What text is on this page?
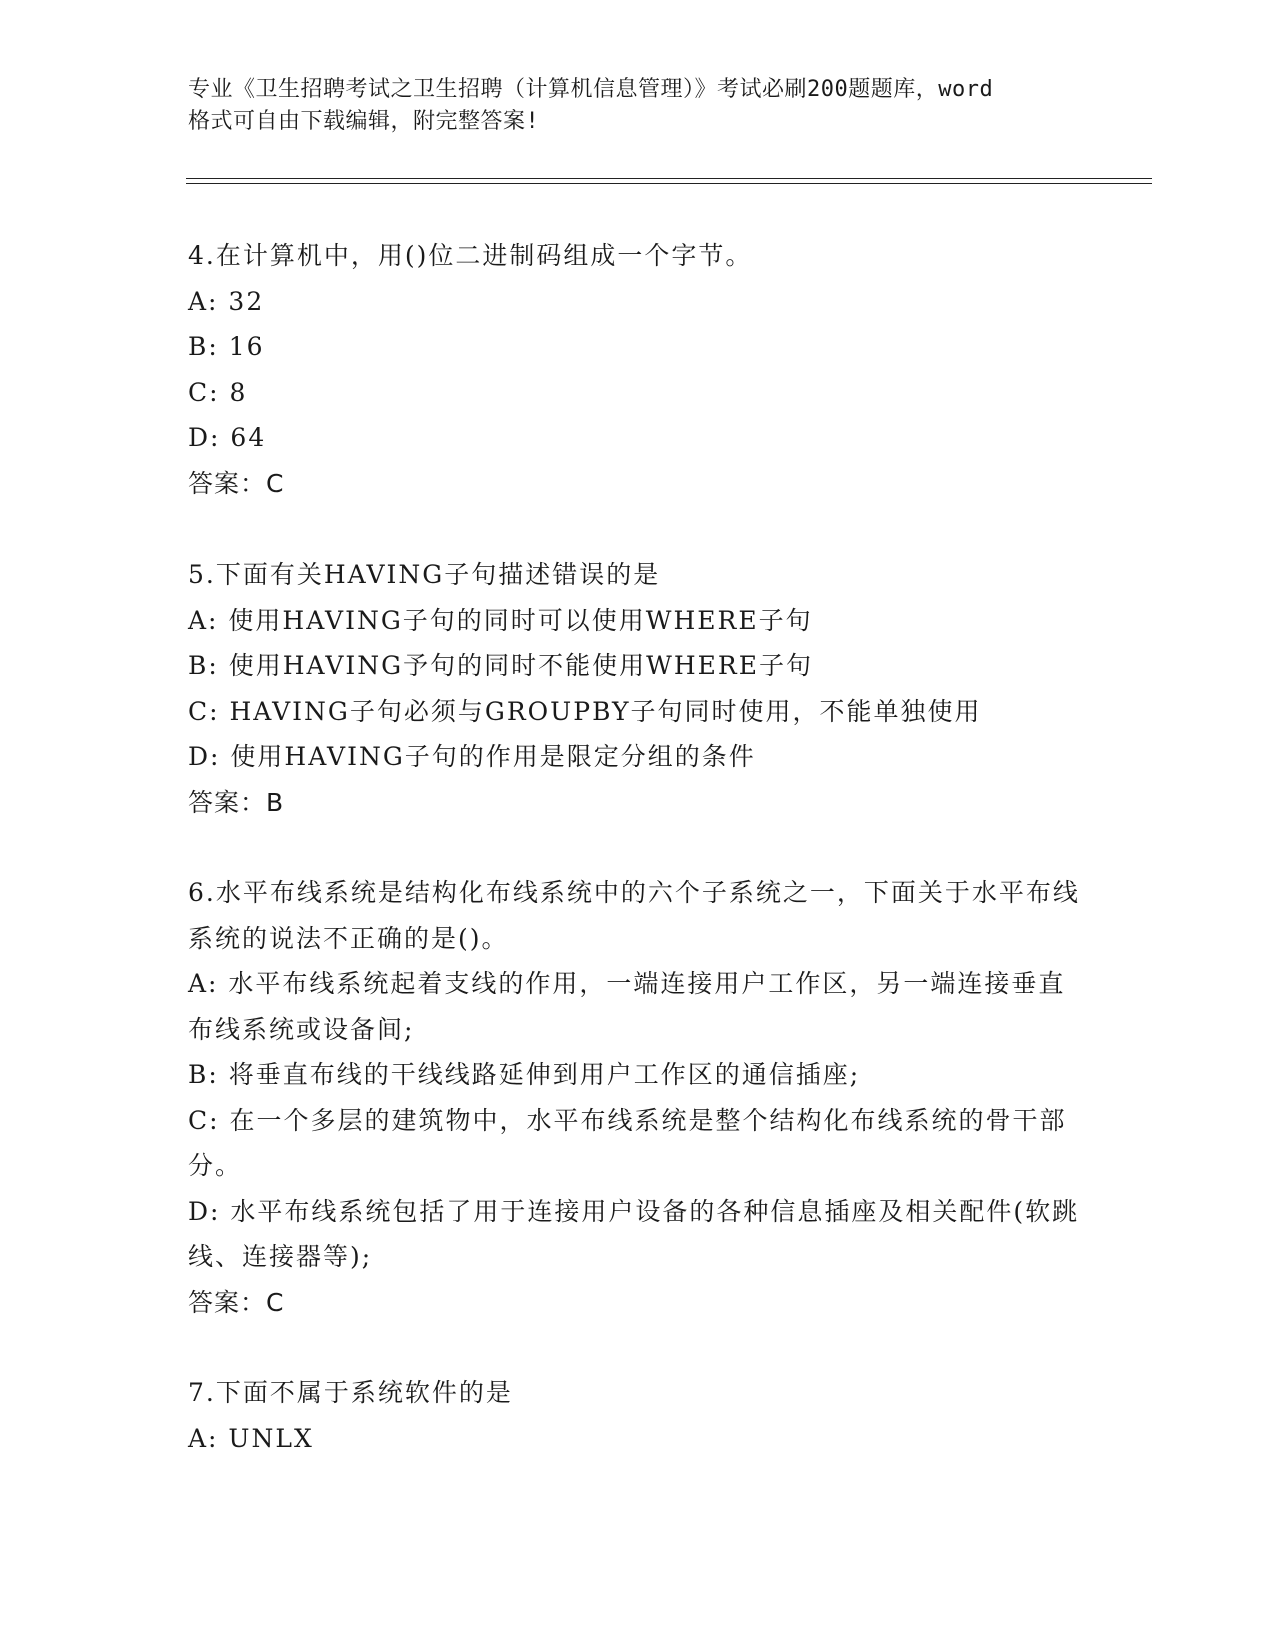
专业《卫生招聘考试之卫生招聘（计算机信息管理）》考试必刷200题题库，word
格式可自由下载编辑，附完整答案!
4.在计算机中，用()位二进制码组成一个字节。
A: 32
B: 16
C: 8
D: 64
答案：C
5.下面有关HAVING子句描述错误的是
A: 使用HAVING子句的同时可以使用WHERE子句
B: 使用HAVING予句的同时不能使用WHERE子句
C: HAVING子句必须与GROUPBY子句同时使用，不能单独使用
D: 使用HAVING子句的作用是限定分组的条件
答案：B
6.水平布线系统是结构化布线系统中的六个子系统之一，下面关于水平布线系统的说法不正确的是()。
A: 水平布线系统起着支线的作用，一端连接用户工作区，另一端连接垂直布线系统或设备间;
B: 将垂直布线的干线线路延伸到用户工作区的通信插座;
C: 在一个多层的建筑物中，水平布线系统是整个结构化布线系统的骨干部分。
D: 水平布线系统包括了用于连接用户设备的各种信息插座及相关配件(软跳线、连接器等);
答案：C
7.下面不属于系统软件的是
A: UNLX
